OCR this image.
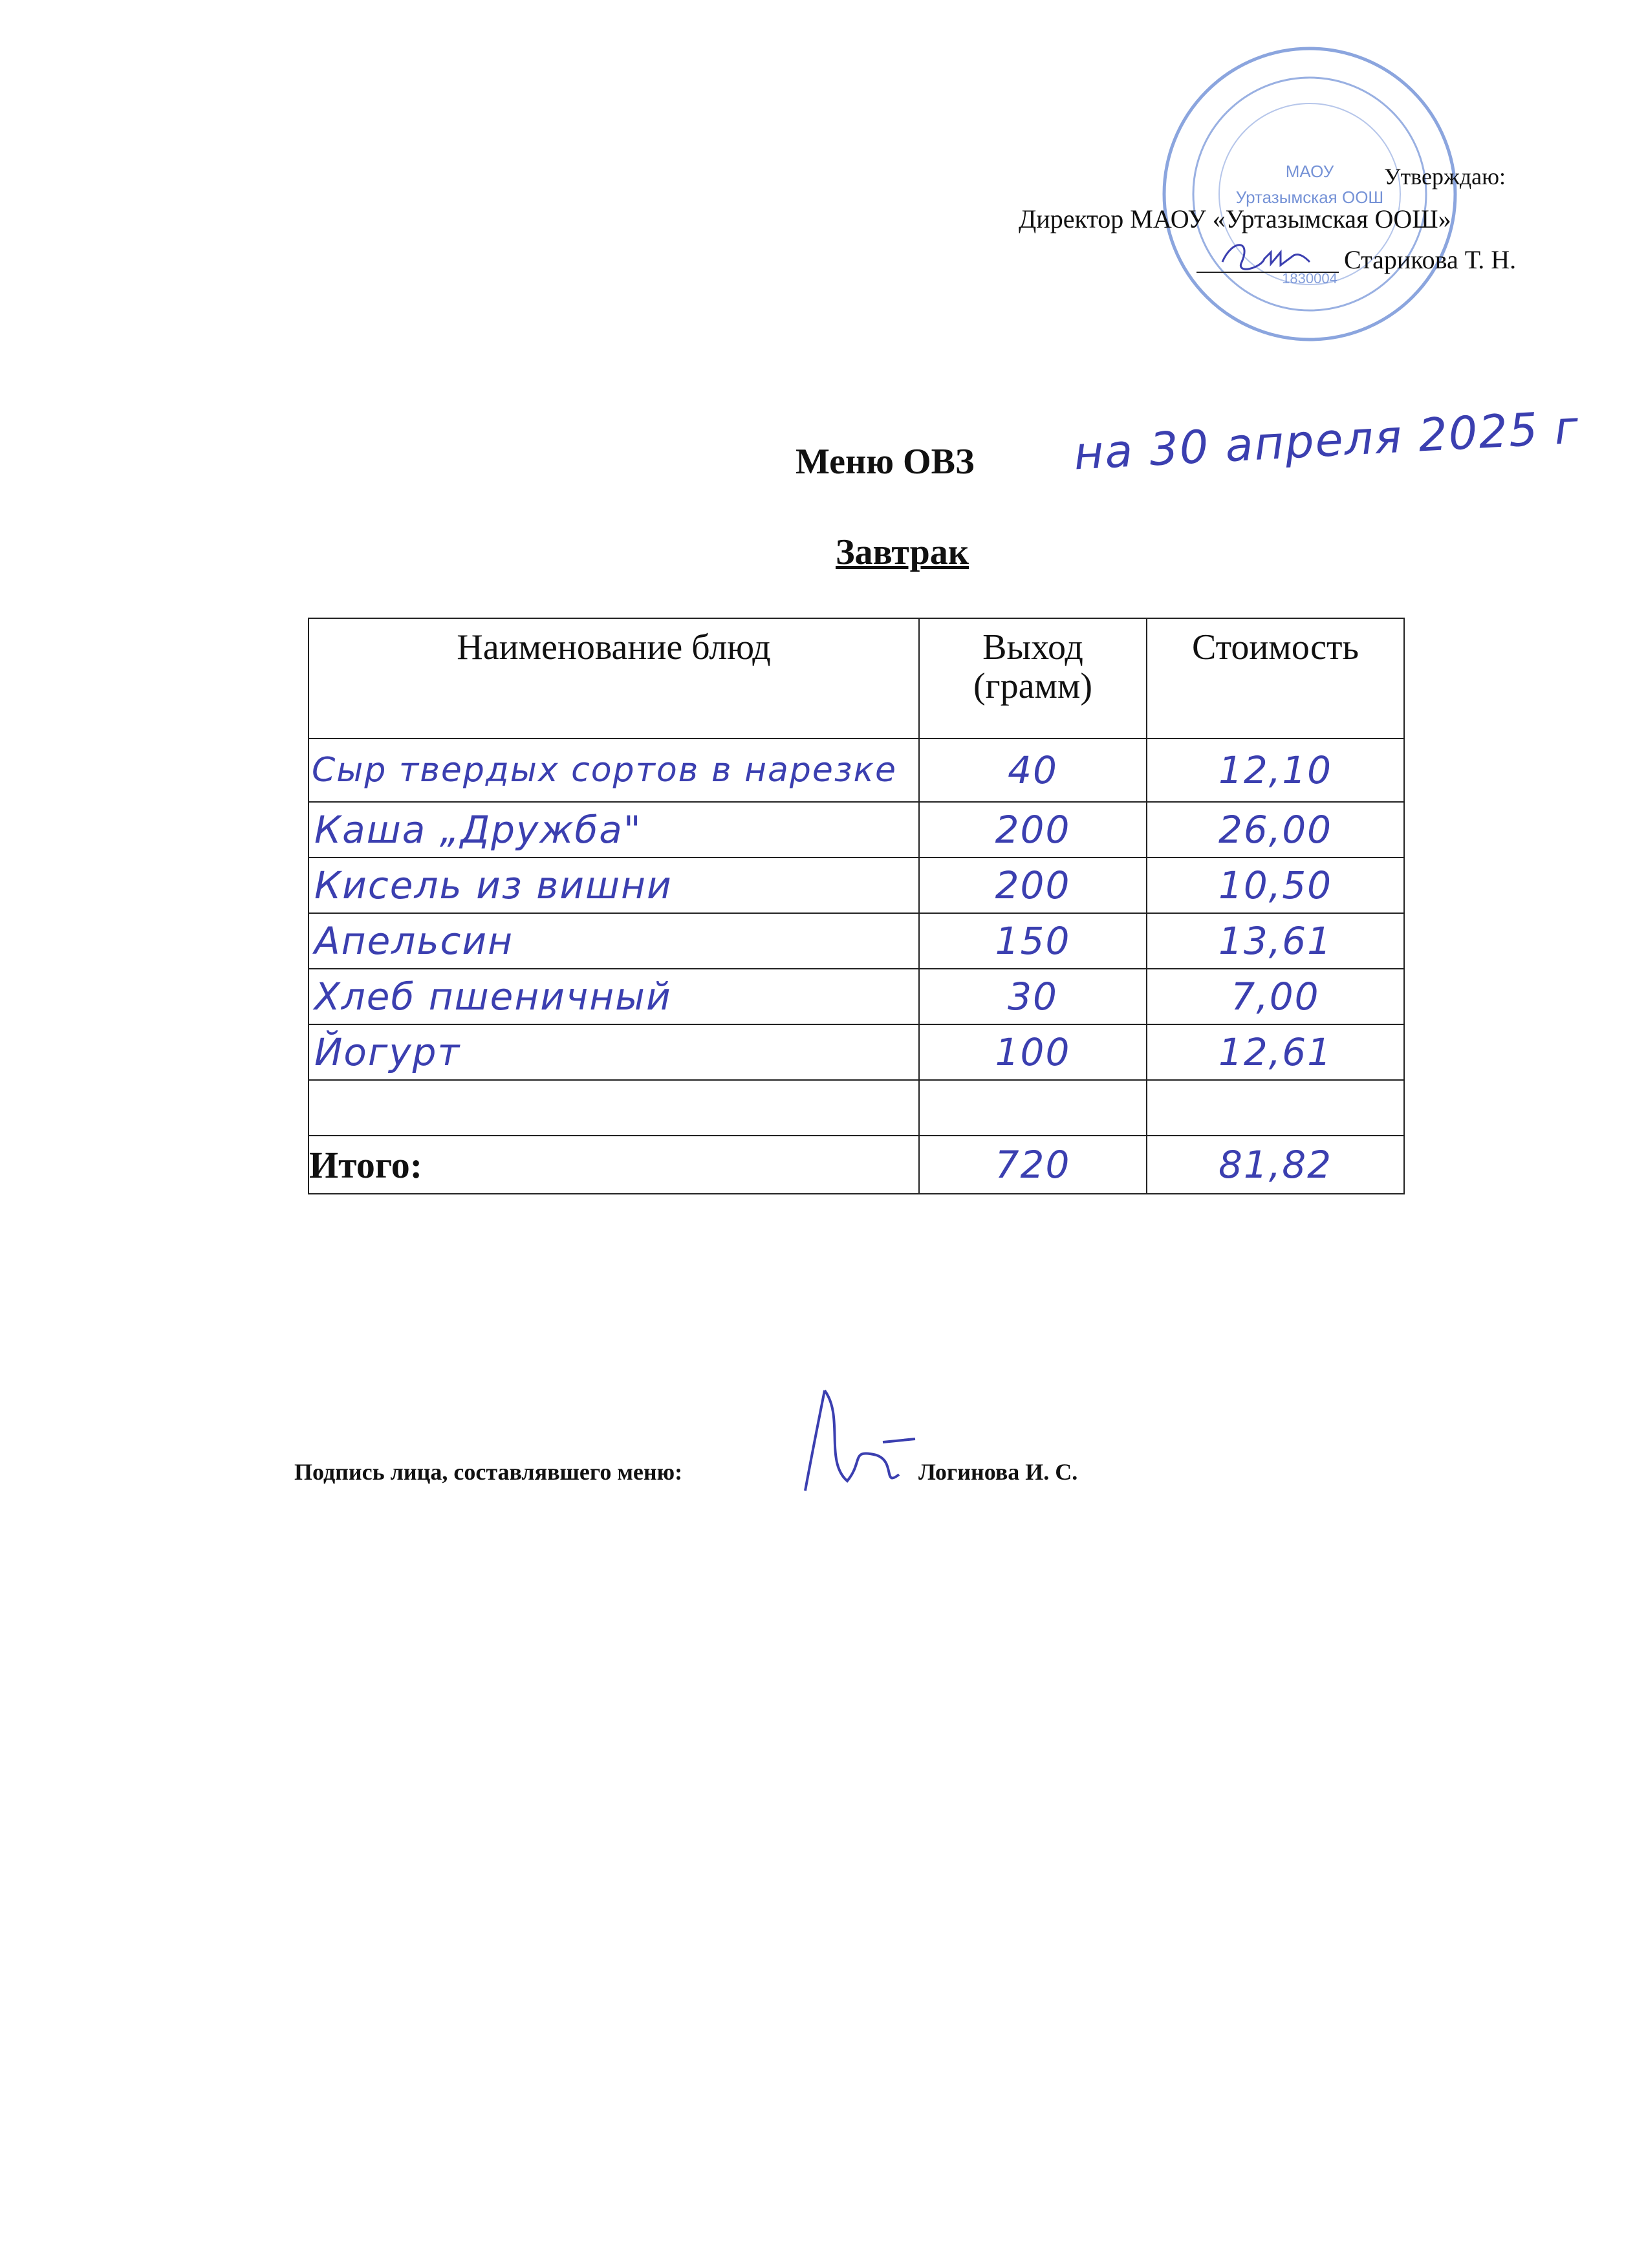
МАОУ
Уртазымская ООШ
1830004
Утверждаю:
Директор МАОУ «Уртазымская ООШ»
Старикова Т. Н.
Меню ОВЗ на 30 апреля 2025 г
Завтрак
Наименование блюд	Выход (грамм)	Стоимость
Сыр твердых сортов в нарезке	40	12,10
Каша „Дружба"	200	26,00
Кисель из вишни	200	10,50
Апельсин	150	13,61
Хлеб пшеничный	30	7,00
Йогурт	100	12,61

Итого:	720	81,82
Подпись лица, составлявшего меню:	Логинова И. С.
